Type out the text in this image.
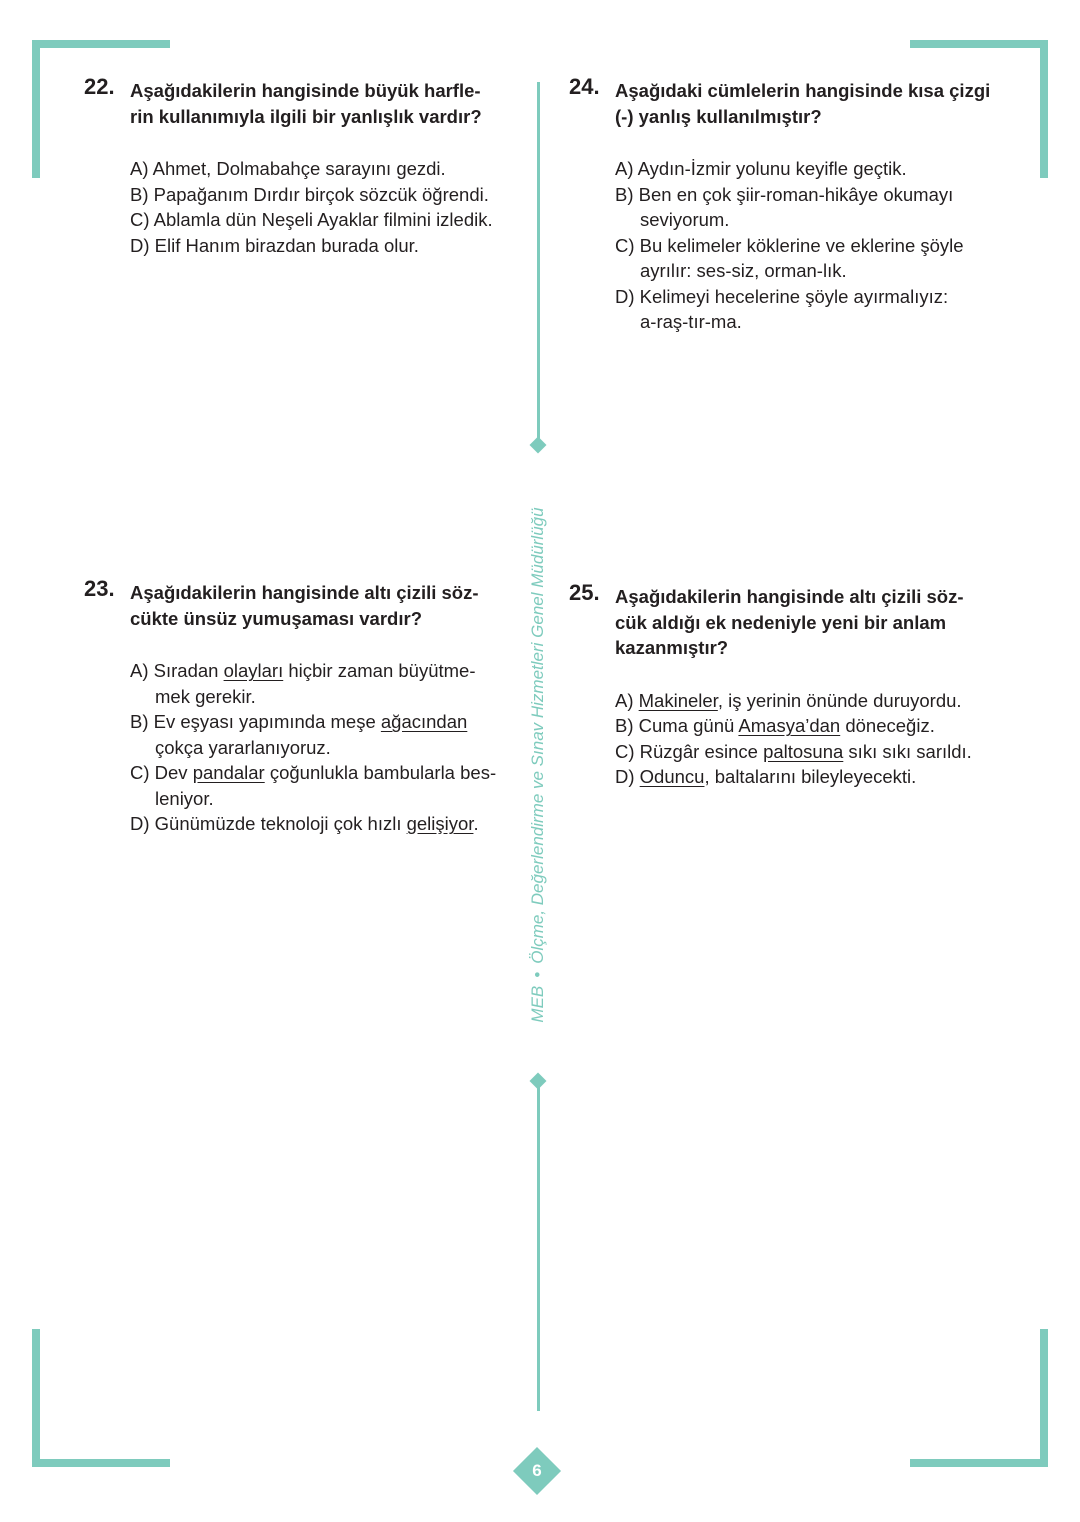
MEB•Ölçme, Değerlendirme ve Sınav Hizmetleri Genel Müdürlüğü
22. Aşağıdakilerin hangisinde büyük harfle-
rin kullanımıyla ilgili bir yanlışlık vardır?
A) Ahmet, Dolmabahçe sarayını gezdi.
B) Papağanım Dırdır birçok sözcük öğrendi.
C) Ablamla dün Neşeli Ayaklar filmini izledik.
D) Elif Hanım birazdan burada olur.
23. Aşağıdakilerin hangisinde altı çizili söz-
cükte ünsüz yumuşaması vardır?
A) Sıradan olayları hiçbir zaman büyütme-
mek gerekir.
B) Ev eşyası yapımında meşe ağacından
çokça yararlanıyoruz.
C) Dev pandalar çoğunlukla bambularla bes-
leniyor.
D) Günümüzde teknoloji çok hızlı gelişiyor.
24. Aşağıdaki cümlelerin hangisinde kısa çizgi
(-) yanlış kullanılmıştır?
A) Aydın-İzmir yolunu keyifle geçtik.
B) Ben en çok şiir-roman-hikâye okumayı
seviyorum.
C) Bu kelimeler köklerine ve eklerine şöyle
ayrılır: ses-siz, orman-lık.
D) Kelimeyi hecelerine şöyle ayırmalıyız:
a-raş-tır-ma.
25. Aşağıdakilerin hangisinde altı çizili söz-
cük aldığı ek nedeniyle yeni bir anlam
kazanmıştır?
A) Makineler, iş yerinin önünde duruyordu.
B) Cuma günü Amasya’dan döneceğiz.
C) Rüzgâr esince paltosuna sıkı sıkı sarıldı.
D) Oduncu, baltalarını bileyleyecekti.
6
